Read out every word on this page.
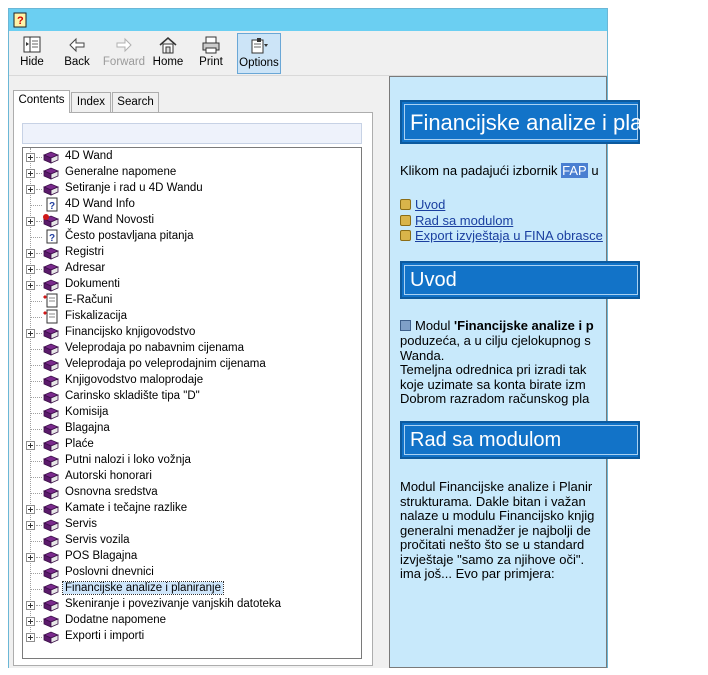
?
Hide	Back	Forward Home	Print	Options
Contents	Index	Search
4D Wand
Generalne napomene
Setiranje i rad u 4D Wandu
? 4D Wand Info
4D Wand Novosti
? Često postavljana pitanja
Registri
Adresar
Dokumenti
E-Računi
Fiskalizacija
Financijsko knjigovodstvo
Veleprodaja po nabavnim cijenama
Veleprodaja po veleprodajnim cijenama
Knjigovodstvo maloprodaje
Carinsko skladište tipa "D"
Komisija
Blagajna
Plaće
Putni nalozi i loko vožnja
Autorski honorari
Osnovna sredstva
Kamate i tečajne razlike
Servis
Servis vozila
POS Blagajna
Poslovni dnevnici
Financijske analize i planiranje
Skeniranje i povezivanje vanjskih datoteka
Dodatne napomene
Exporti i importi
Financijske analize i planiranje
Klikom na padajući izbornik FAP u
Uvod
Rad sa modulom
Export izvještaja u FINA obrasce
Uvod
Modul 'Financijske analize i p
poduzeća, a u cilju cjelokupnog s
Wanda.
Temeljna odrednica pri izradi tak
koje uzimate sa konta birate izm
Dobrom razradom računskog pla
Rad sa modulom
Modul Financijske analize i Planir
strukturama. Dakle bitan i važan
nalaze u modulu Financijsko knjig
generalni menadžer je najbolji de
pročitati nešto što se u standard
izvještaje "samo za njihove oči".
ima još... Evo par primjera:
